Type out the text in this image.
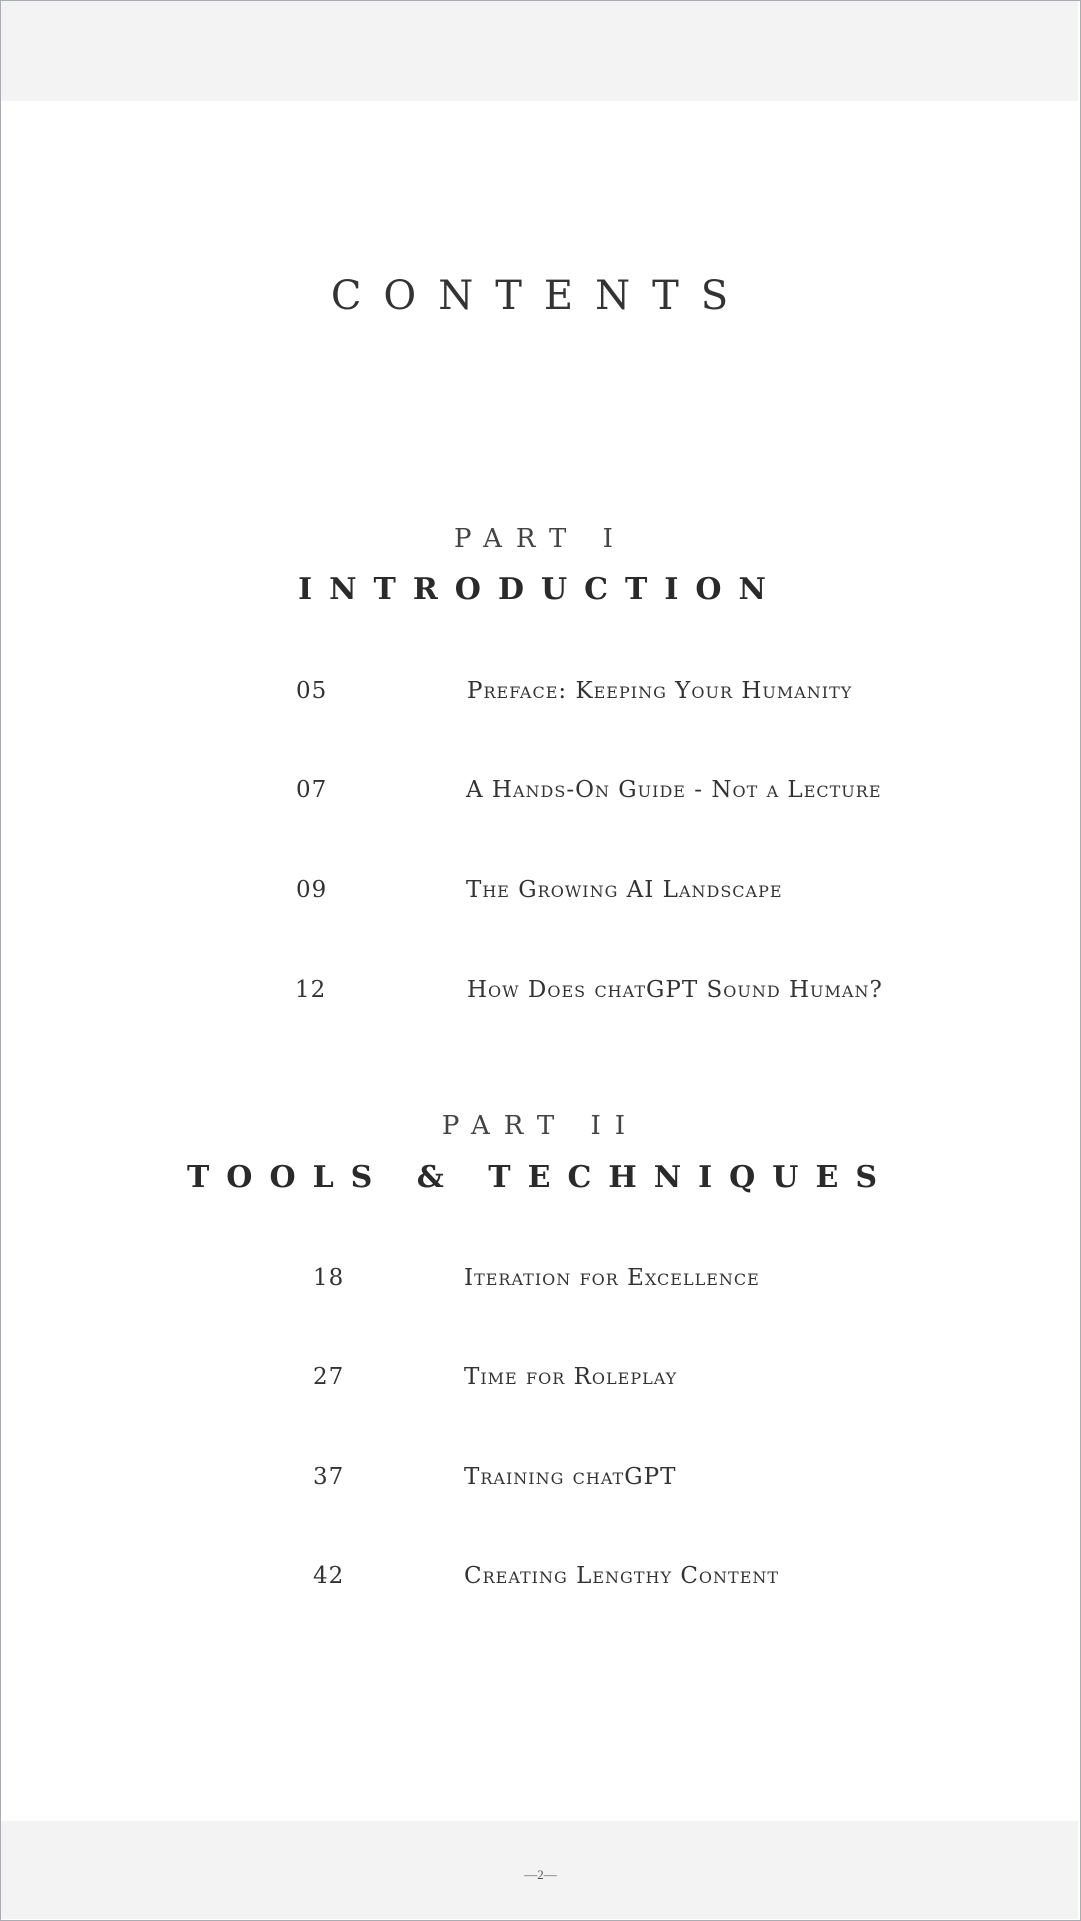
CONTENTS
PART I
INTRODUCTION
05	Preface: Keeping Your Humanity
07	A Hands-On Guide - Not a Lecture
09	The Growing AI Landscape
12	How Does chatGPT Sound Human?
PART II
TOOLS & TECHNIQUES
18	Iteration for Excellence
27	Time for Roleplay
37	Training chatGPT
42	Creating Lengthy Content
—2—
